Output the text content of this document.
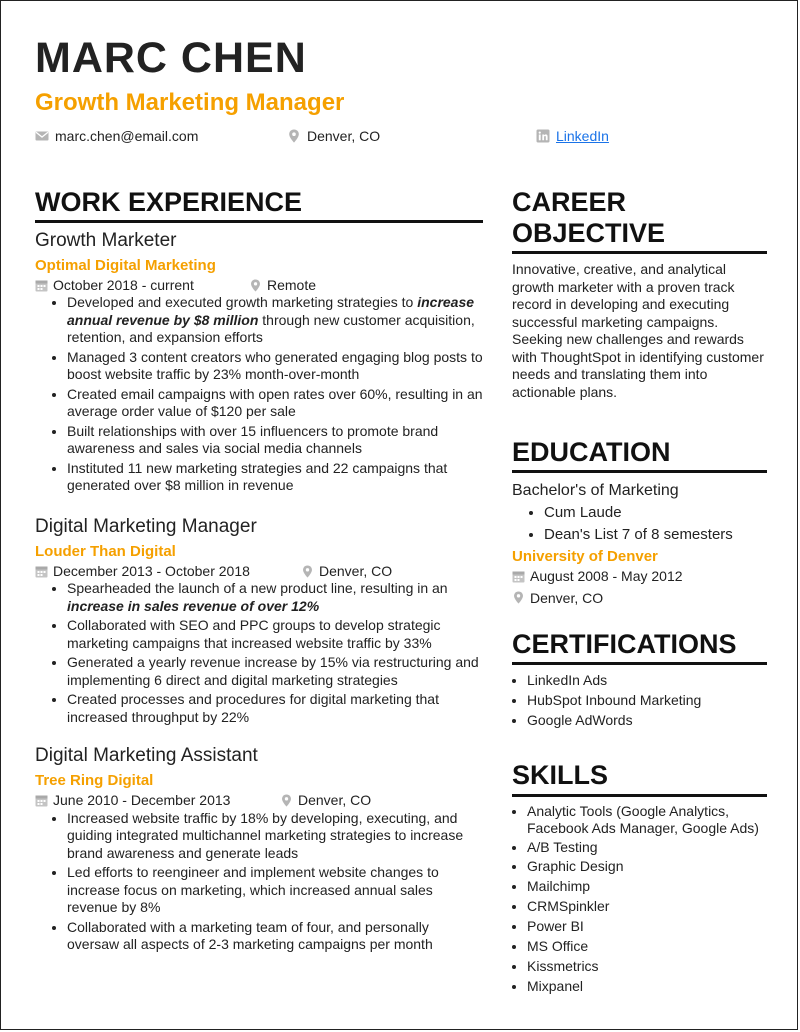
MARC CHEN
Growth Marketing Manager
marc.chen@email.com	Denver, CO	LinkedIn
WORK EXPERIENCE
Growth Marketer
Optimal Digital Marketing
October 2018 - current	Remote
• Developed and executed growth marketing strategies to increase annual revenue by $8 million through new customer acquisition, retention, and expansion efforts
• Managed 3 content creators who generated engaging blog posts to boost website traffic by 23% month-over-month
• Created email campaigns with open rates over 60%, resulting in an average order value of $120 per sale
• Built relationships with over 15 influencers to promote brand awareness and sales via social media channels
• Instituted 11 new marketing strategies and 22 campaigns that generated over $8 million in revenue
Digital Marketing Manager
Louder Than Digital
December 2013 - October 2018	Denver, CO
• Spearheaded the launch of a new product line, resulting in an increase in sales revenue of over 12%
• Collaborated with SEO and PPC groups to develop strategic marketing campaigns that increased website traffic by 33%
• Generated a yearly revenue increase by 15% via restructuring and implementing 6 direct and digital marketing strategies
• Created processes and procedures for digital marketing that increased throughput by 22%
Digital Marketing Assistant
Tree Ring Digital
June 2010 - December 2013	Denver, CO
• Increased website traffic by 18% by developing, executing, and guiding integrated multichannel marketing strategies to increase brand awareness and generate leads
• Led efforts to reengineer and implement website changes to increase focus on marketing, which increased annual sales revenue by 8%
• Collaborated with a marketing team of four, and personally oversaw all aspects of 2-3 marketing campaigns per month
CAREER
OBJECTIVE
Innovative, creative, and analytical growth marketer with a proven track record in developing and executing successful marketing campaigns. Seeking new challenges and rewards with ThoughtSpot in identifying customer needs and translating them into actionable plans.
EDUCATION
Bachelor's of Marketing
• Cum Laude
• Dean's List 7 of 8 semesters
University of Denver
August 2008 - May 2012
Denver, CO
CERTIFICATIONS
• LinkedIn Ads
• HubSpot Inbound Marketing
• Google AdWords
SKILLS
• Analytic Tools (Google Analytics, Facebook Ads Manager, Google Ads)
• A/B Testing
• Graphic Design
• Mailchimp
• CRMSpinkler
• Power BI
• MS Office
• Kissmetrics
• Mixpanel
